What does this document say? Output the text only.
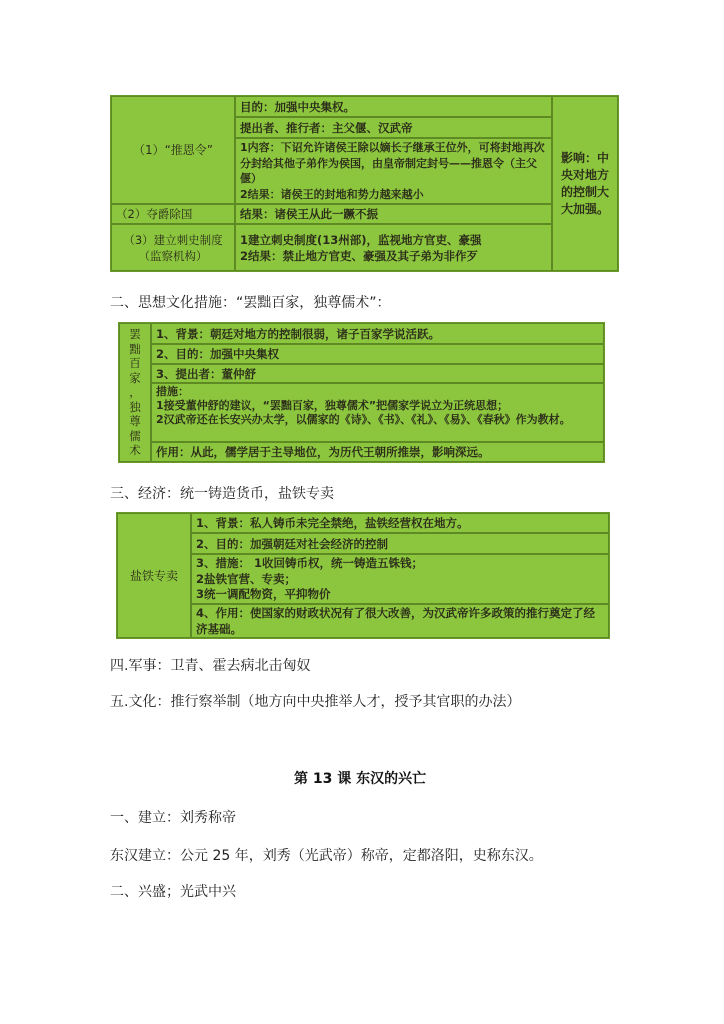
（1）“推恩令”
目的：加强中央集权。
提出者、推行者：主父偃、汉武帝
1内容：下诏允许诸侯王除以嫡长子继承王位外，可将封地再次分封给其他子弟作为侯国，由皇帝制定封号——推恩令（主父偃）
2结果：诸侯王的封地和势力越来越小
（2）夺爵除国	结果：诸侯王从此一蹶不振
（3）建立刺史制度
（监察机构）
1建立刺史制度(13州部)，监视地方官吏、豪强
2结果：禁止地方官吏、豪强及其子弟为非作歹
影响：中央对地方的控制大大加强。
二、思想文化措施：“罢黜百家，独尊儒术”：
罢
黜
百
家
，
独
尊
儒
术
1、背景：朝廷对地方的控制很弱，诸子百家学说活跃。
2、目的：加强中央集权
3、提出者：董仲舒
措施：
1接受董仲舒的建议，“罢黜百家，独尊儒术”把儒家学说立为正统思想；
2汉武帝还在长安兴办太学，以儒家的《诗》、《书》、《礼》、《易》、《春秋》作为教材。
作用：从此，儒学居于主导地位，为历代王朝所推崇，影响深远。
三、经济：统一铸造货币，盐铁专卖
盐铁专卖
1、背景：私人铸币未完全禁绝，盐铁经营权在地方。
2、目的：加强朝廷对社会经济的控制
3、措施： 1收回铸币权，统一铸造五铢钱；
2盐铁官营、专卖；
3统一调配物资，平抑物价
4、作用：使国家的财政状况有了很大改善，为汉武帝许多政策的推行奠定了经济基础。
四.军事：卫青、霍去病北击匈奴
五.文化：推行察举制（地方向中央推举人才，授予其官职的办法）
第 13 课 东汉的兴亡
一、建立：刘秀称帝
东汉建立：公元 25 年，刘秀（光武帝）称帝，定都洛阳，史称东汉。
二、兴盛；光武中兴
